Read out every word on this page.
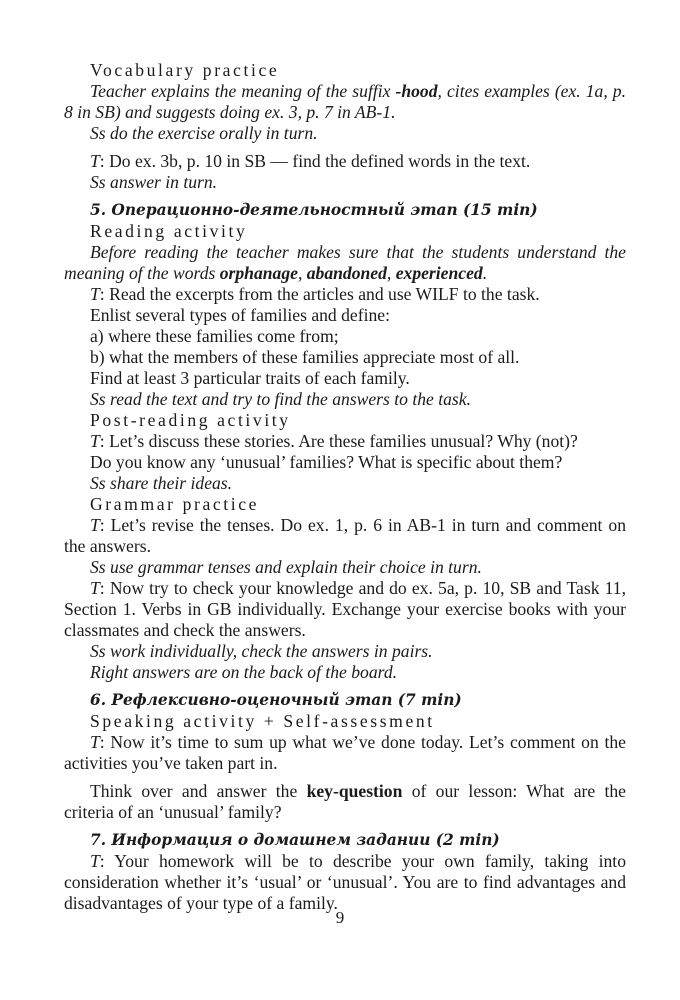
Vocabulary practice

Teacher explains the meaning of the suffix -hood, cites examples (ex. 1a, p. 8 in SB) and suggests doing ex. 3, p. 7 in AB-1.

Ss do the exercise orally in turn.

T: Do ex. 3b, p. 10 in SB — find the defined words in the text.

Ss answer in turn.

5. Операционно-деятельностный этап (15 min)

Reading activity

Before reading the teacher makes sure that the students understand the meaning of the words orphanage, abandoned, experienced.

T: Read the excerpts from the articles and use WILF to the task.

Enlist several types of families and define:

a) where these families come from;

b) what the members of these families appreciate most of all.

Find at least 3 particular traits of each family.

Ss read the text and try to find the answers to the task.

Post-reading activity

T: Let’s discuss these stories. Are these families unusual? Why (not)?

Do you know any ‘unusual’ families? What is specific about them?

Ss share their ideas.

Grammar practice

T: Let’s revise the tenses. Do ex. 1, p. 6 in AB-1 in turn and comment on the answers.

Ss use grammar tenses and explain their choice in turn.

T: Now try to check your knowledge and do ex. 5a, p. 10, SB and Task 11, Section 1. Verbs in GB individually. Exchange your exercise books with your classmates and check the answers.

Ss work individually, check the answers in pairs.

Right answers are on the back of the board.

6. Рефлексивно-оценочный этап (7 min)

Speaking activity + Self-assessment

T: Now it’s time to sum up what we’ve done today. Let’s comment on the activities you’ve taken part in.

Think over and answer the key-question of our lesson: What are the criteria of an ‘unusual’ family?

7. Информация о домашнем задании (2 min)

T: Your homework will be to describe your own family, taking into consideration whether it’s ‘usual’ or ‘unusual’. You are to find advantages and disadvantages of your type of a family.

9
